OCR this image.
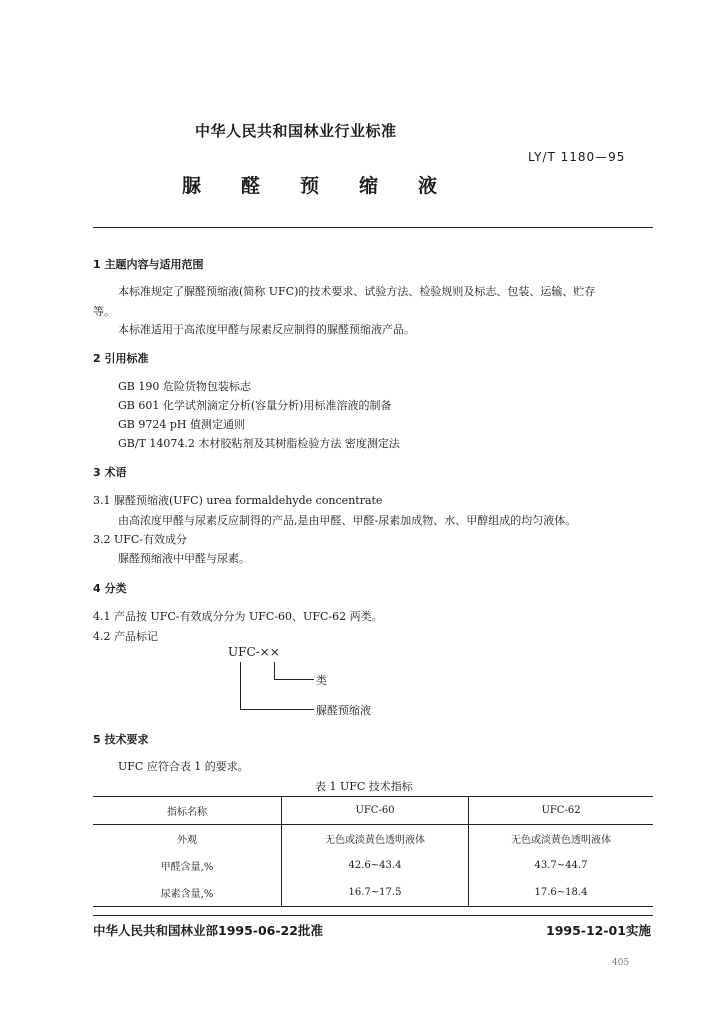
中华人民共和国林业行业标准
LY/T 1180—95
脲 醛 预 缩 液
1 主题内容与适用范围
本标准规定了脲醛预缩液(简称 UFC)的技术要求、试验方法、检验规则及标志、包装、运输、贮存
等。
本标准适用于高浓度甲醛与尿素反应制得的脲醛预缩液产品。
2 引用标准
GB 190 危险货物包装标志
GB 601 化学试剂滴定分析(容量分析)用标准溶液的制备
GB 9724 pH 值测定通则
GB/T 14074.2 木材胶粘剂及其树脂检验方法 密度测定法
3 术语
3.1 脲醛预缩液(UFC) urea formaldehyde concentrate
由高浓度甲醛与尿素反应制得的产品,是由甲醛、甲醛-尿素加成物、水、甲醇组成的均匀液体。
3.2 UFC-有效成分
脲醛预缩液中甲醛与尿素。
4 分类
4.1 产品按 UFC-有效成分分为 UFC-60、UFC-62 两类。
4.2 产品标记
UFC-××
类
脲醛预缩液
5 技术要求
UFC 应符合表 1 的要求。
表 1 UFC 技术指标
指标名称	UFC-60	UFC-62
外观	无色或淡黄色透明液体	无色或淡黄色透明液体
甲醛含量,%	42.6~43.4	43.7~44.7
尿素含量,%	16.7~17.5	17.6~18.4
中华人民共和国林业部1995-06-22批准	1995-12-01实施
405
